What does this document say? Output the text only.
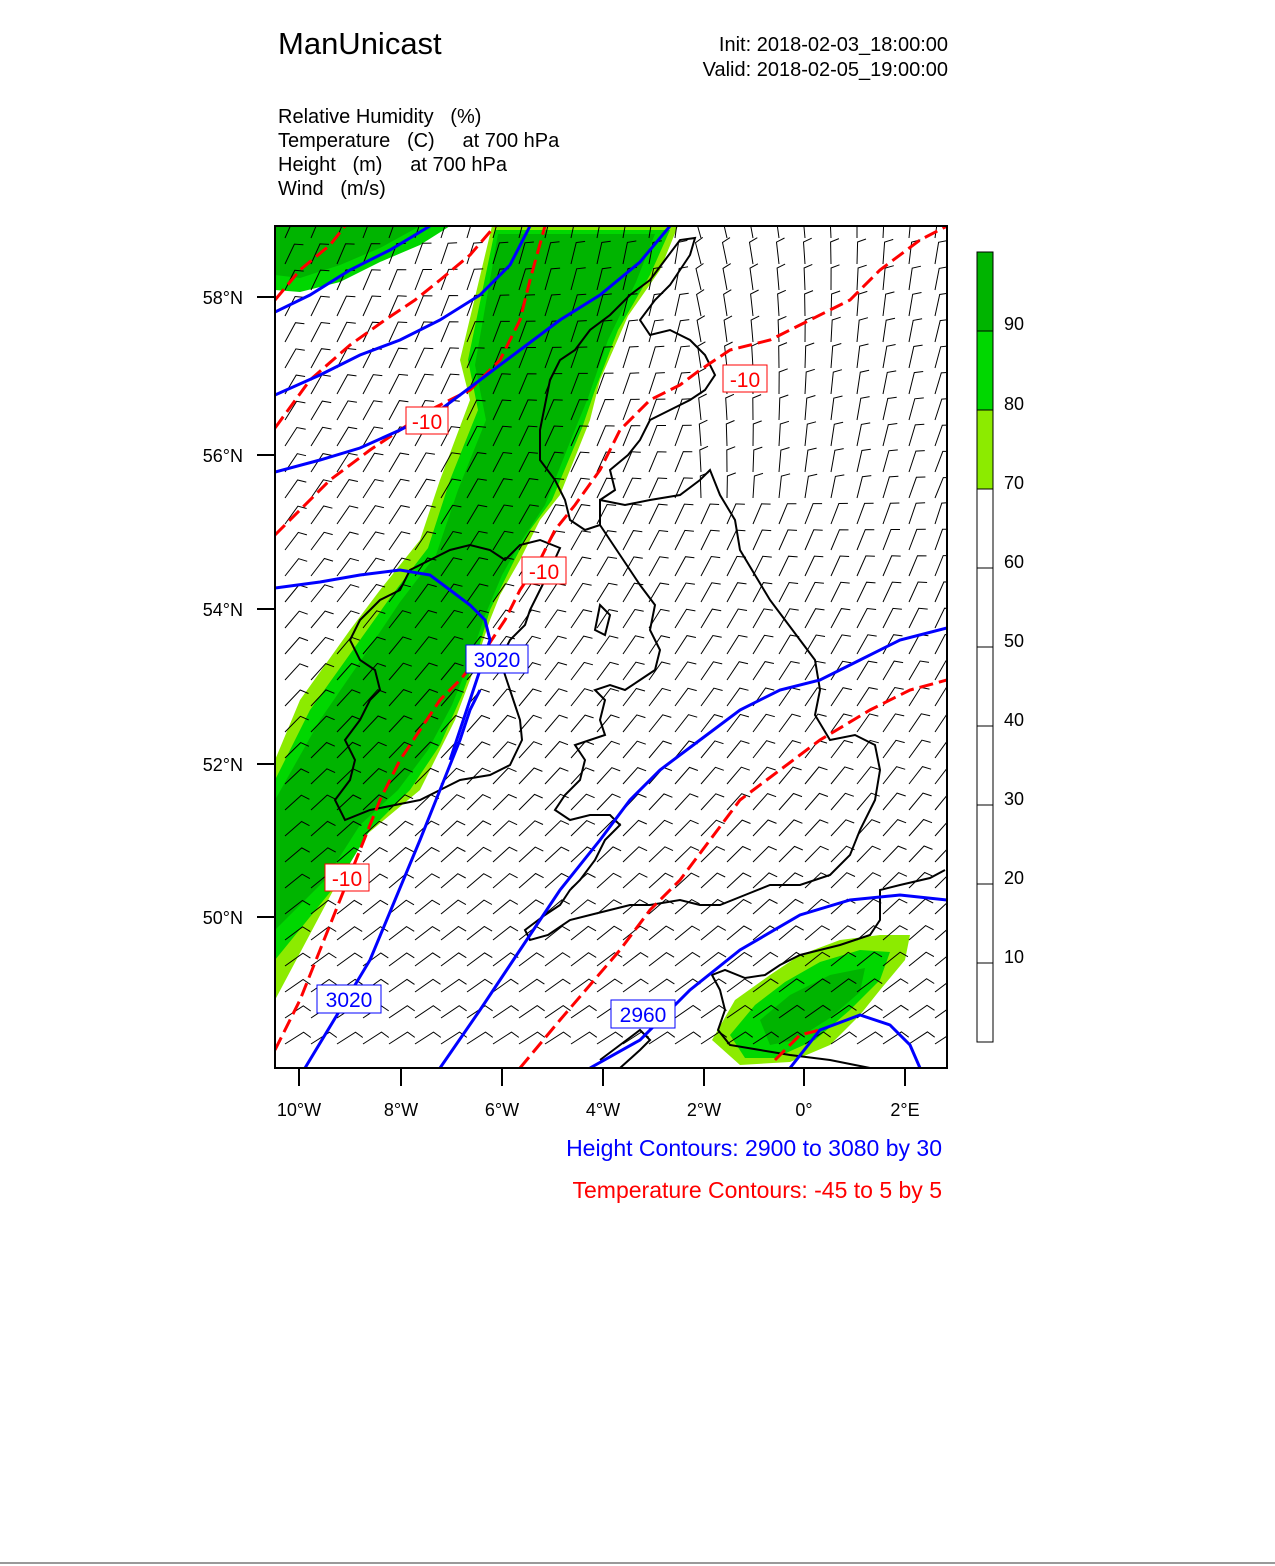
ManUnicast	Init: 2018-02-03_18:00:00
Valid: 2018-02-05_19:00:00
Relative Humidity (%)
Temperature (C) at 700 hPa
Height (m) at 700 hPa
Wind (m/s)
-10
-10
-10
-10
3020
3020
2960
58°N
56°N
54°N
52°N
50°N
10°W	8°W	6°W	4°W	2°W	0°	2°E
90
80
70
60
50
40
30
20
10
Height Contours: 2900 to 3080 by 30
Temperature Contours: -45 to 5 by 5
